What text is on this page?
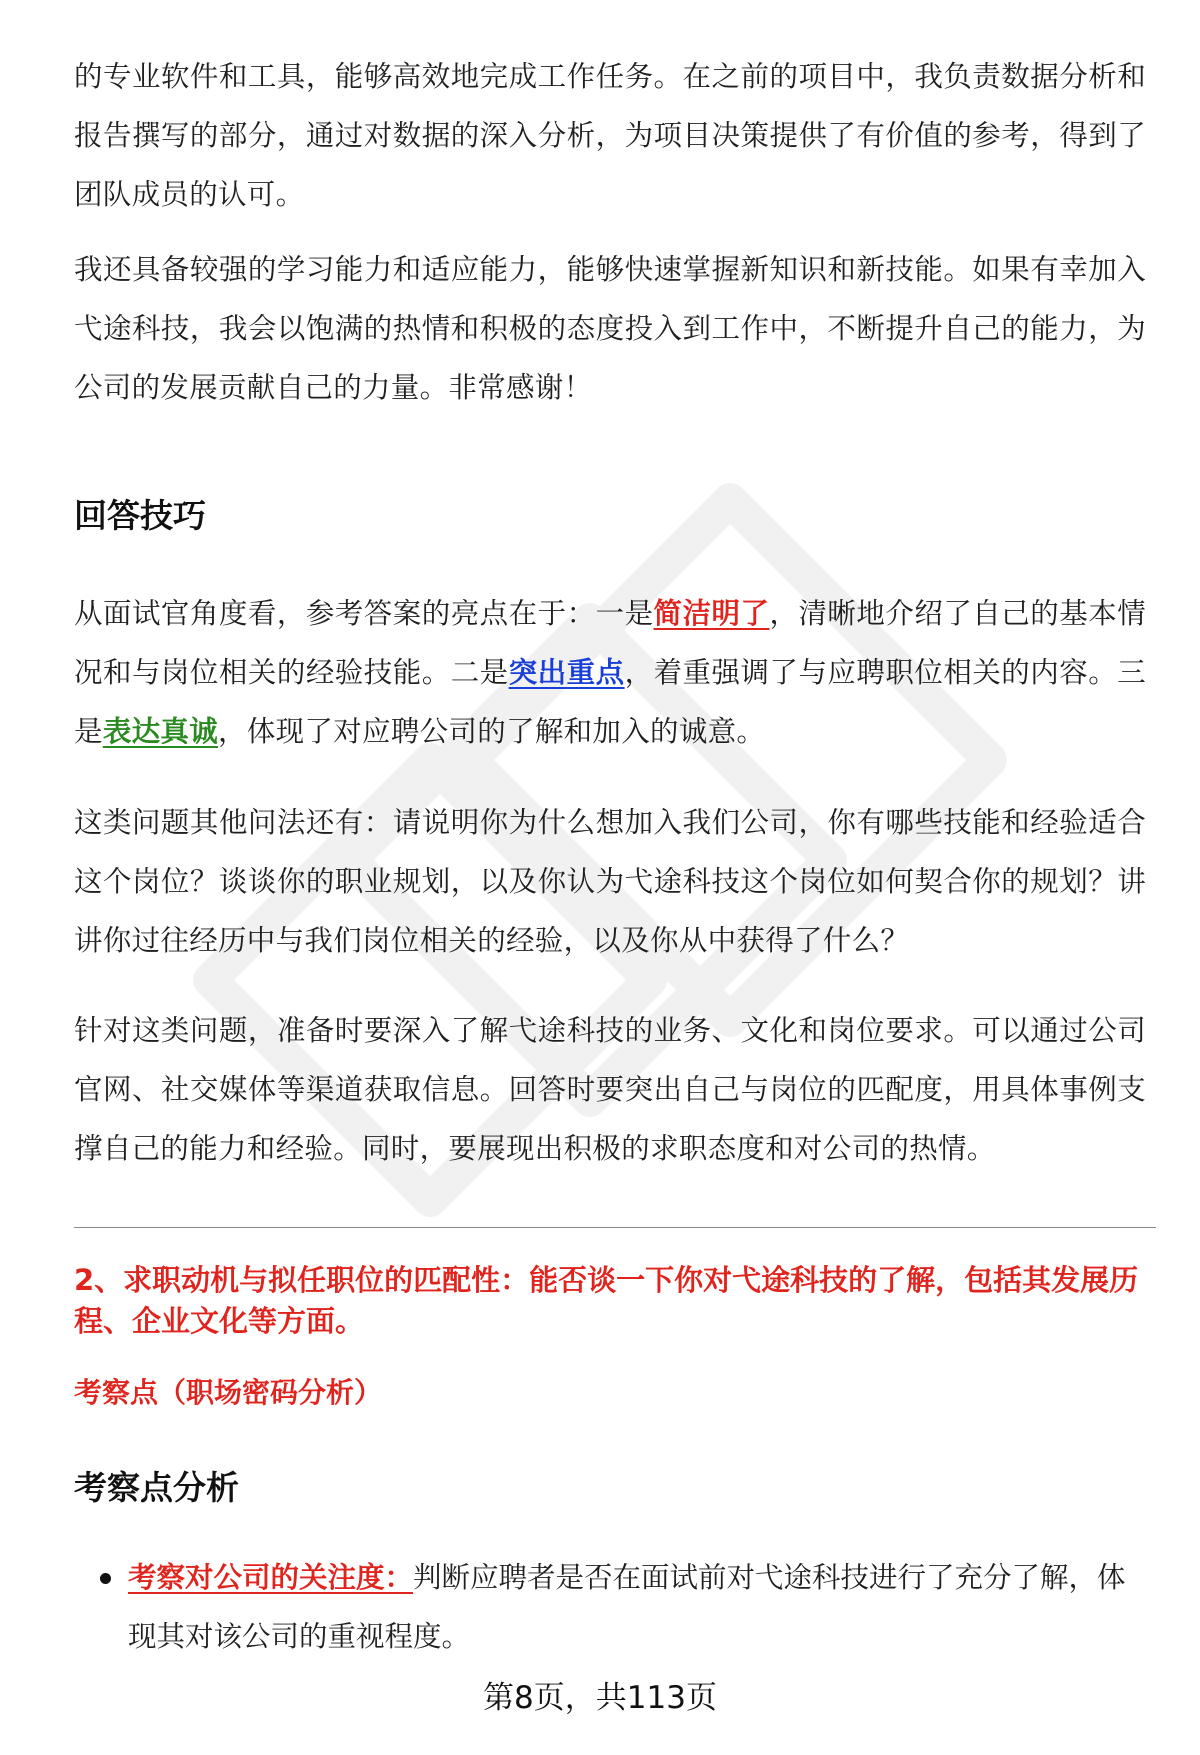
的专业软件和工具，能够高效地完成工作任务。在之前的项目中，我负责数据分析和报告撰写的部分，通过对数据的深入分析，为项目决策提供了有价值的参考，得到了团队成员的认可。

我还具备较强的学习能力和适应能力，能够快速掌握新知识和新技能。如果有幸加入弋途科技，我会以饱满的热情和积极的态度投入到工作中，不断提升自己的能力，为公司的发展贡献自己的力量。非常感谢！

回答技巧

从面试官角度看，参考答案的亮点在于：一是简洁明了，清晰地介绍了自己的基本情况和与岗位相关的经验技能。二是突出重点，着重强调了与应聘职位相关的内容。三是表达真诚，体现了对应聘公司的了解和加入的诚意。

这类问题其他问法还有：请说明你为什么想加入我们公司，你有哪些技能和经验适合这个岗位？谈谈你的职业规划，以及你认为弋途科技这个岗位如何契合你的规划？讲讲你过往经历中与我们岗位相关的经验，以及你从中获得了什么？

针对这类问题，准备时要深入了解弋途科技的业务、文化和岗位要求。可以通过公司官网、社交媒体等渠道获取信息。回答时要突出自己与岗位的匹配度，用具体事例支撑自己的能力和经验。同时，要展现出积极的求职态度和对公司的热情。

2、求职动机与拟任职位的匹配性：能否谈一下你对弋途科技的了解，包括其发展历程、企业文化等方面。

考察点（职场密码分析）

考察点分析
考察对公司的关注度：判断应聘者是否在面试前对弋途科技进行了充分了解，体现其对该公司的重视程度。
第8页，共113页
